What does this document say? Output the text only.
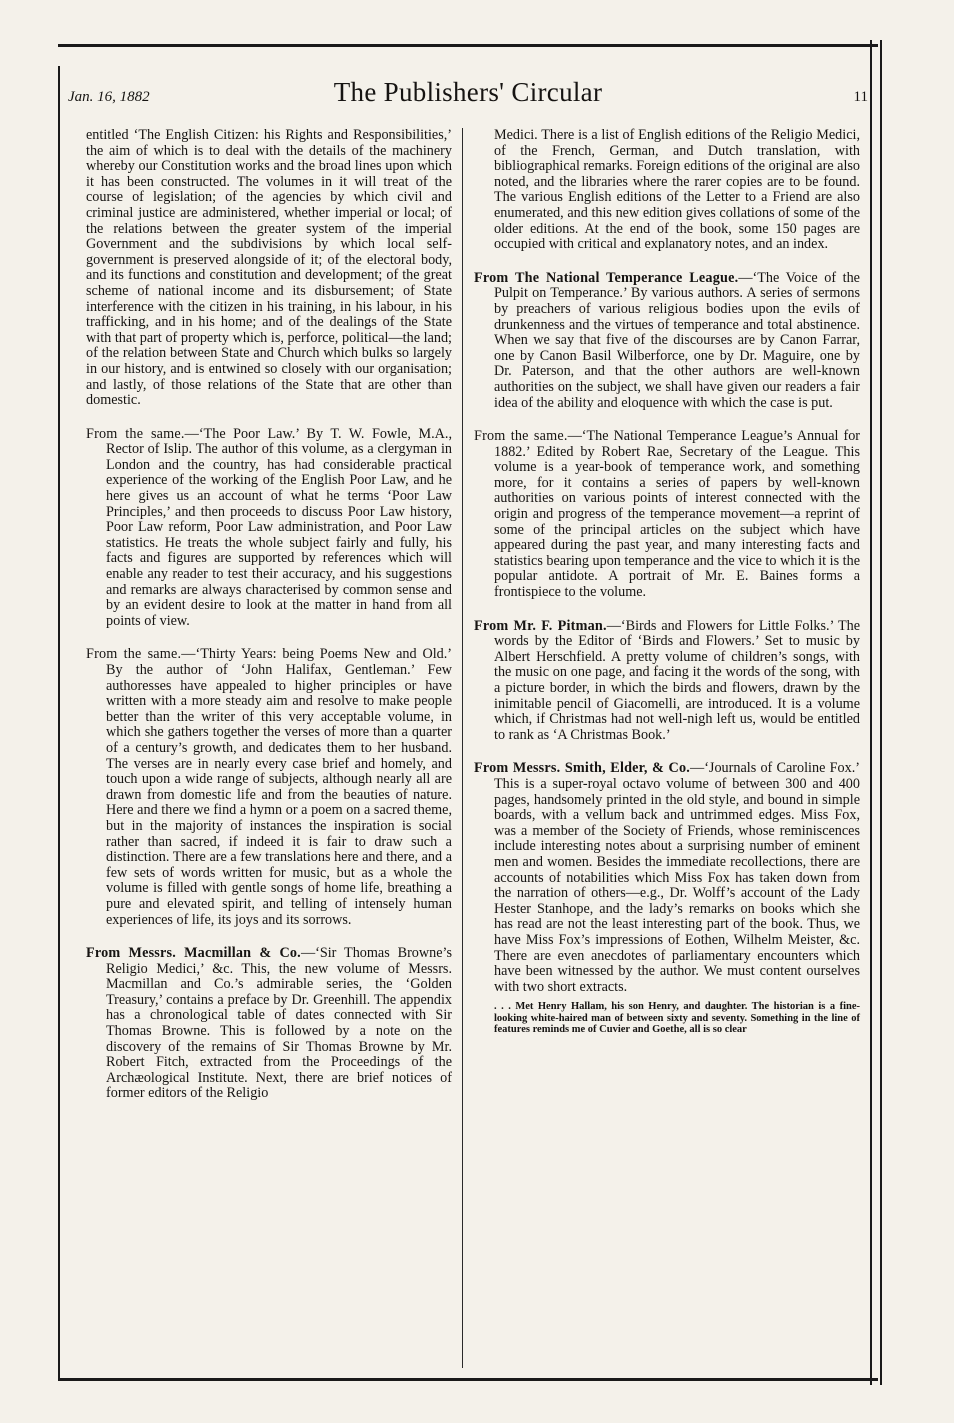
Jan. 16, 1882	The Publishers' Circular	11

entitled ‘The English Citizen: his Rights and Responsibilities,’ the aim of which is to deal with the details of the machinery whereby our Constitution works and the broad lines upon which it has been constructed. The volumes in it will treat of the course of legislation; of the agencies by which civil and criminal justice are administered, whether imperial or local; of the relations between the greater system of the imperial Government and the subdivisions by which local self-government is preserved alongside of it; of the electoral body, and its functions and constitution and development; of the great scheme of national income and its disbursement; of State interference with the citizen in his training, in his labour, in his trafficking, and in his home; and of the dealings of the State with that part of property which is, perforce, political—the land; of the relation between State and Church which bulks so largely in our history, and is entwined so closely with our organisation; and lastly, of those relations of the State that are other than domestic.

From the same.—‘The Poor Law.’ By T. W. Fowle, M.A., Rector of Islip. The author of this volume, as a clergyman in London and the country, has had considerable practical experience of the working of the English Poor Law, and he here gives us an account of what he terms ‘Poor Law Principles,’ and then proceeds to discuss Poor Law history, Poor Law reform, Poor Law administration, and Poor Law statistics. He treats the whole subject fairly and fully, his facts and figures are supported by references which will enable any reader to test their accuracy, and his suggestions and remarks are always characterised by common sense and by an evident desire to look at the matter in hand from all points of view.

From the same.—‘Thirty Years: being Poems New and Old.’ By the author of ‘John Halifax, Gentleman.’ Few authoresses have appealed to higher principles or have written with a more steady aim and resolve to make people better than the writer of this very acceptable volume, in which she gathers together the verses of more than a quarter of a century’s growth, and dedicates them to her husband. The verses are in nearly every case brief and homely, and touch upon a wide range of subjects, although nearly all are drawn from domestic life and from the beauties of nature. Here and there we find a hymn or a poem on a sacred theme, but in the majority of instances the inspiration is social rather than sacred, if indeed it is fair to draw such a distinction. There are a few translations here and there, and a few sets of words written for music, but as a whole the volume is filled with gentle songs of home life, breathing a pure and elevated spirit, and telling of intensely human experiences of life, its joys and its sorrows.

From Messrs. Macmillan & Co.—‘Sir Thomas Browne’s Religio Medici,’ &c. This, the new volume of Messrs. Macmillan and Co.’s admirable series, the ‘Golden Treasury,’ contains a preface by Dr. Greenhill. The appendix has a chronological table of dates connected with Sir Thomas Browne. This is followed by a note on the discovery of the remains of Sir Thomas Browne by Mr. Robert Fitch, extracted from the Proceedings of the Archæological Institute. Next, there are brief notices of former editors of the Religio

Medici. There is a list of English editions of the Religio Medici, of the French, German, and Dutch translation, with bibliographical remarks. Foreign editions of the original are also noted, and the libraries where the rarer copies are to be found. The various English editions of the Letter to a Friend are also enumerated, and this new edition gives collations of some of the older editions. At the end of the book, some 150 pages are occupied with critical and explanatory notes, and an index.

From The National Temperance League.—‘The Voice of the Pulpit on Temperance.’ By various authors. A series of sermons by preachers of various religious bodies upon the evils of drunkenness and the virtues of temperance and total abstinence. When we say that five of the discourses are by Canon Farrar, one by Canon Basil Wilberforce, one by Dr. Maguire, one by Dr. Paterson, and that the other authors are well-known authorities on the subject, we shall have given our readers a fair idea of the ability and eloquence with which the case is put.

From the same.—‘The National Temperance League’s Annual for 1882.’ Edited by Robert Rae, Secretary of the League. This volume is a year-book of temperance work, and something more, for it contains a series of papers by well-known authorities on various points of interest connected with the origin and progress of the temperance movement—a reprint of some of the principal articles on the subject which have appeared during the past year, and many interesting facts and statistics bearing upon temperance and the vice to which it is the popular antidote. A portrait of Mr. E. Baines forms a frontispiece to the volume.

From Mr. F. Pitman.—‘Birds and Flowers for Little Folks.’ The words by the Editor of ‘Birds and Flowers.’ Set to music by Albert Herschfield. A pretty volume of children’s songs, with the music on one page, and facing it the words of the song, with a picture border, in which the birds and flowers, drawn by the inimitable pencil of Giacomelli, are introduced. It is a volume which, if Christmas had not well-nigh left us, would be entitled to rank as ‘A Christmas Book.’

From Messrs. Smith, Elder, & Co.—‘Journals of Caroline Fox.’ This is a super-royal octavo volume of between 300 and 400 pages, handsomely printed in the old style, and bound in simple boards, with a vellum back and untrimmed edges. Miss Fox, was a member of the Society of Friends, whose reminiscences include interesting notes about a surprising number of eminent men and women. Besides the immediate recollections, there are accounts of notabilities which Miss Fox has taken down from the narration of others—e.g., Dr. Wolff’s account of the Lady Hester Stanhope, and the lady’s remarks on books which she has read are not the least interesting part of the book. Thus, we have Miss Fox’s impressions of Eothen, Wilhelm Meister, &c. There are even anecdotes of parliamentary encounters which have been witnessed by the author. We must content ourselves with two short extracts.

. . . Met Henry Hallam, his son Henry, and daughter. The historian is a fine-looking white-haired man of between sixty and seventy. Something in the line of features reminds me of Cuvier and Goethe, all is so clear
